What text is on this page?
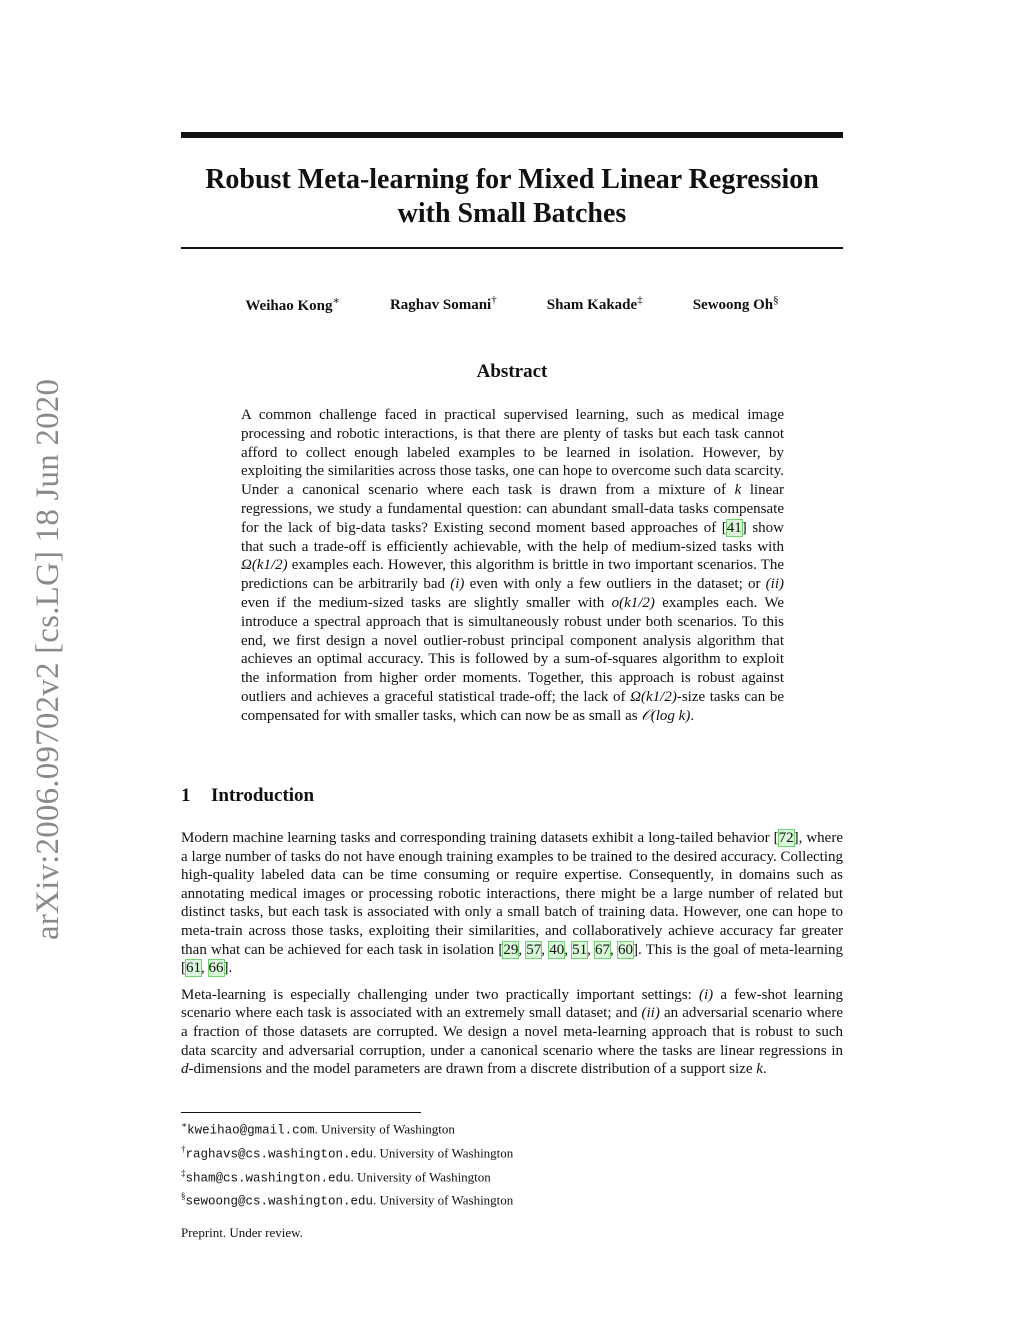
arXiv:2006.09702v2 [cs.LG] 18 Jun 2020
Robust Meta-learning for Mixed Linear Regression with Small Batches
Weihao Kong∗	Raghav Somani†	Sham Kakade‡	Sewoong Oh§
Abstract
A common challenge faced in practical supervised learning, such as medical image processing and robotic interactions, is that there are plenty of tasks but each task cannot afford to collect enough labeled examples to be learned in isolation. However, by exploiting the similarities across those tasks, one can hope to overcome such data scarcity. Under a canonical scenario where each task is drawn from a mixture of k linear regressions, we study a fundamental question: can abundant small-data tasks compensate for the lack of big-data tasks? Existing second moment based approaches of [41] show that such a trade-off is efficiently achievable, with the help of medium-sized tasks with Ω(k1/2) examples each. However, this algorithm is brittle in two important scenarios. The predictions can be arbitrarily bad (i) even with only a few outliers in the dataset; or (ii) even if the medium-sized tasks are slightly smaller with o(k1/2) examples each. We introduce a spectral approach that is simultaneously robust under both scenarios. To this end, we first design a novel outlier-robust principal component analysis algorithm that achieves an optimal accuracy. This is followed by a sum-of-squares algorithm to exploit the information from higher order moments. Together, this approach is robust against outliers and achieves a graceful statistical trade-off; the lack of Ω(k1/2)-size tasks can be compensated for with smaller tasks, which can now be as small as 𝒪(log k).
1 Introduction

Modern machine learning tasks and corresponding training datasets exhibit a long-tailed behavior [72], where a large number of tasks do not have enough training examples to be trained to the desired accuracy. Collecting high-quality labeled data can be time consuming or require expertise. Consequently, in domains such as annotating medical images or processing robotic interactions, there might be a large number of related but distinct tasks, but each task is associated with only a small batch of training data. However, one can hope to meta-train across those tasks, exploiting their similarities, and collaboratively achieve accuracy far greater than what can be achieved for each task in isolation [29, 57, 40, 51, 67, 60]. This is the goal of meta-learning [61, 66].

Meta-learning is especially challenging under two practically important settings: (i) a few-shot learning scenario where each task is associated with an extremely small dataset; and (ii) an adversarial scenario where a fraction of those datasets are corrupted. We design a novel meta-learning approach that is robust to such data scarcity and adversarial corruption, under a canonical scenario where the tasks are linear regressions in d-dimensions and the model parameters are drawn from a discrete distribution of a support size k.

∗kweihao@gmail.com. University of Washington
†raghavs@cs.washington.edu. University of Washington
‡sham@cs.washington.edu. University of Washington
§sewoong@cs.washington.edu. University of Washington
Preprint. Under review.
